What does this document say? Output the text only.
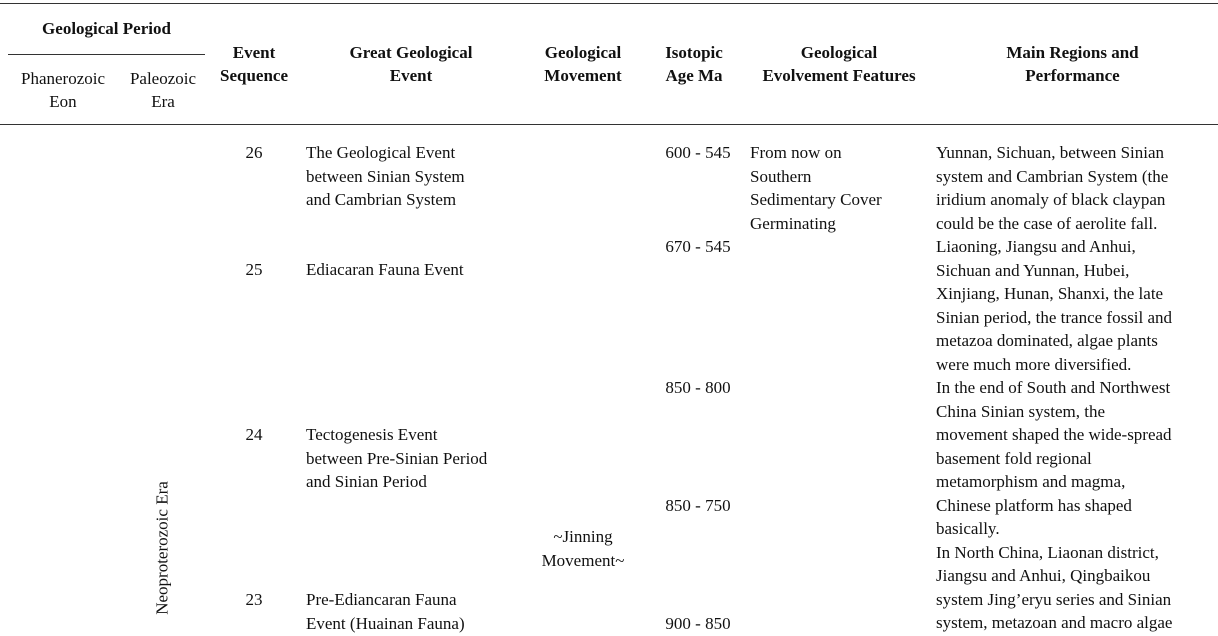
Geological Period
Phanerozoic
Eon
Paleozoic
Era
Event
Sequence
Great Geological
Event
Geological
Movement
Isotopic
Age Ma
Geological
Evolvement Features
Main Regions and
Performance
Neoproterozoic Era
26
25
24
23
The Geological Event
between Sinian System
and Cambrian System
Ediacaran Fauna Event
Tectogenesis Event
between Pre-Sinian Period
and Sinian Period
Pre-Ediancaran Fauna
Event (Huainan Fauna)
~Jinning
Movement~
600 - 545
670 - 545
850 - 800
850 - 750
900 - 850
From now on
Southern
Sedimentary Cover
Germinating
Yunnan, Sichuan, between Sinian
system and Cambrian System (the
iridium anomaly of black claypan
could be the case of aerolite fall.
Liaoning, Jiangsu and Anhui,
Sichuan and Yunnan, Hubei,
Xinjiang, Hunan, Shanxi, the late
Sinian period, the trance fossil and
metazoa dominated, algae plants
were much more diversified.
In the end of South and Northwest
China Sinian system, the
movement shaped the wide-spread
basement fold regional
metamorphism and magma,
Chinese platform has shaped
basically.
In North China, Liaonan district,
Jiangsu and Anhui, Qingbaikou
system Jing’eryu series and Sinian
system, metazoan and macro algae
